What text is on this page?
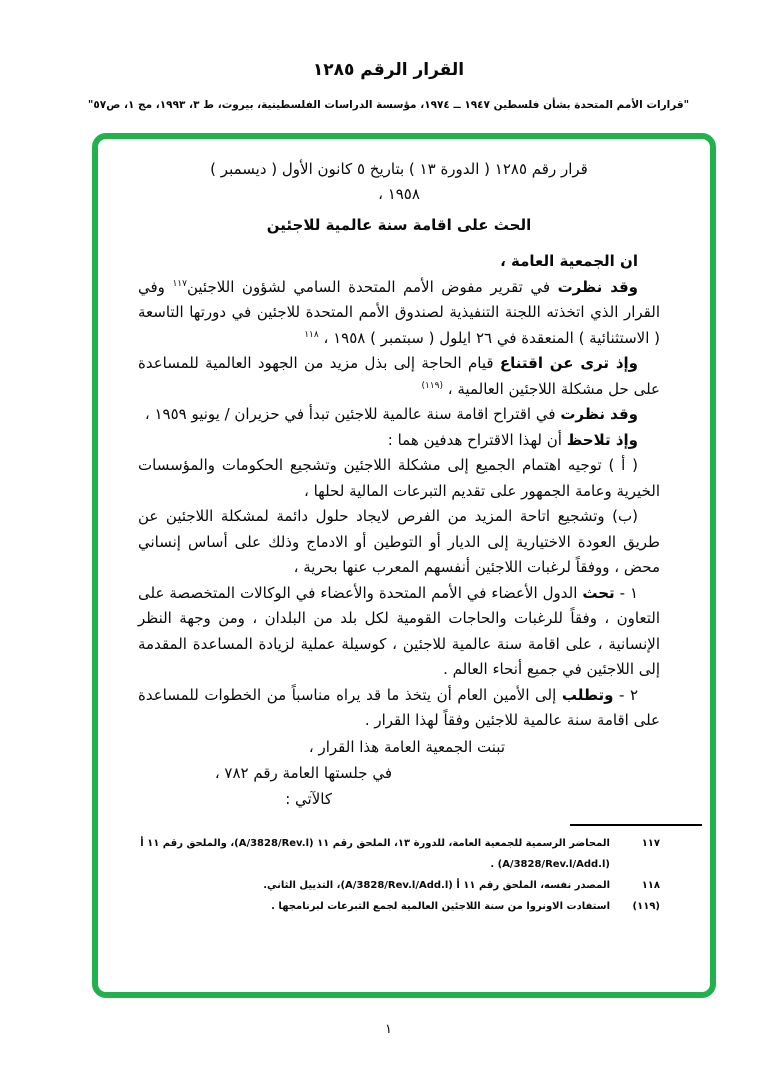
القرار الرقم ١٢٨٥
"قرارات الأمم المتحدة بشأن فلسطين ١٩٤٧ ــ ١٩٧٤، مؤسسة الدراسات الفلسطينية، بيروت، ط ٣، ١٩٩٣، مج ١، ص٥٧"
قرار رقم ١٢٨٥ ( الدورة ١٣ ) بتاريخ ٥ كانون الأول ( ديسمبر )
١٩٥٨ ،
الحث على اقامة سنة عالمية للاجئين
ان الجمعية العامة ،
وقد نظرت في تقرير مفوض الأمم المتحدة السامي لشؤون اللاجئين$^{١١٧}$ وفي القرار الذي اتخذته اللجنة التنفيذية لصندوق الأمم المتحدة للاجئين في دورتها التاسعة ( الاستثنائية ) المنعقدة في ٢٦ ايلول ( سبتمبر ) ١٩٥٨ ، $^{١١٨}$
وإذ ترى عن اقتناع قيام الحاجة إلى بذل مزيد من الجهود العالمية للمساعدة على حل مشكلة اللاجئين العالمية ، $^{(١١٩)}$
وقد نظرت في اقتراح اقامة سنة عالمية للاجئين تبدأ في حزيران / يونيو ١٩٥٩ ،
وإذ تلاحظ أن لهذا الاقتراح هدفين هما :
( أ ) توجيه اهتمام الجميع إلى مشكلة اللاجئين وتشجيع الحكومات والمؤسسات الخيرية وعامة الجمهور على تقديم التبرعات المالية لحلها ،
(ب) وتشجيع اتاحة المزيد من الفرص لايجاد حلول دائمة لمشكلة اللاجئين عن طريق العودة الاختيارية إلى الديار أو التوطين أو الادماج وذلك على أساس إنساني محض ، ووفقاً لرغبات اللاجئين أنفسهم المعرب عنها بحرية ،
١ - تحث الدول الأعضاء في الأمم المتحدة والأعضاء في الوكالات المتخصصة على التعاون ، وفقاً للرغبات والحاجات القومية لكل بلد من البلدان ، ومن وجهة النظر الإنسانية ، على اقامة سنة عالمية للاجئين ، كوسيلة عملية لزيادة المساعدة المقدمة إلى اللاجئين في جميع أنحاء العالم .
٢ - وتطلب إلى الأمين العام أن يتخذ ما قد يراه مناسباً من الخطوات للمساعدة على اقامة سنة عالمية للاجئين وفقاً لهذا القرار .
تبنت الجمعية العامة هذا القرار ،
في جلستها العامة رقم ٧٨٢ ،
كالآتي :
١١٧
المحاضر الرسمية للجمعية العامة، للدورة ١٣، الملحق رقم ١١ (A/3828/Rev.l)، والملحق رقم ١١ أ (A/3828/Rev.l/Add.l) .
١١٨
المصدر نفسه، الملحق رقم ١١ أ (A/3828/Rev.l/Add.l)، التذييل الثاني.
(١١٩)
استفادت الاونروا من سنة اللاجئين العالمية لجمع التبرعات لبرنامجها .
١
